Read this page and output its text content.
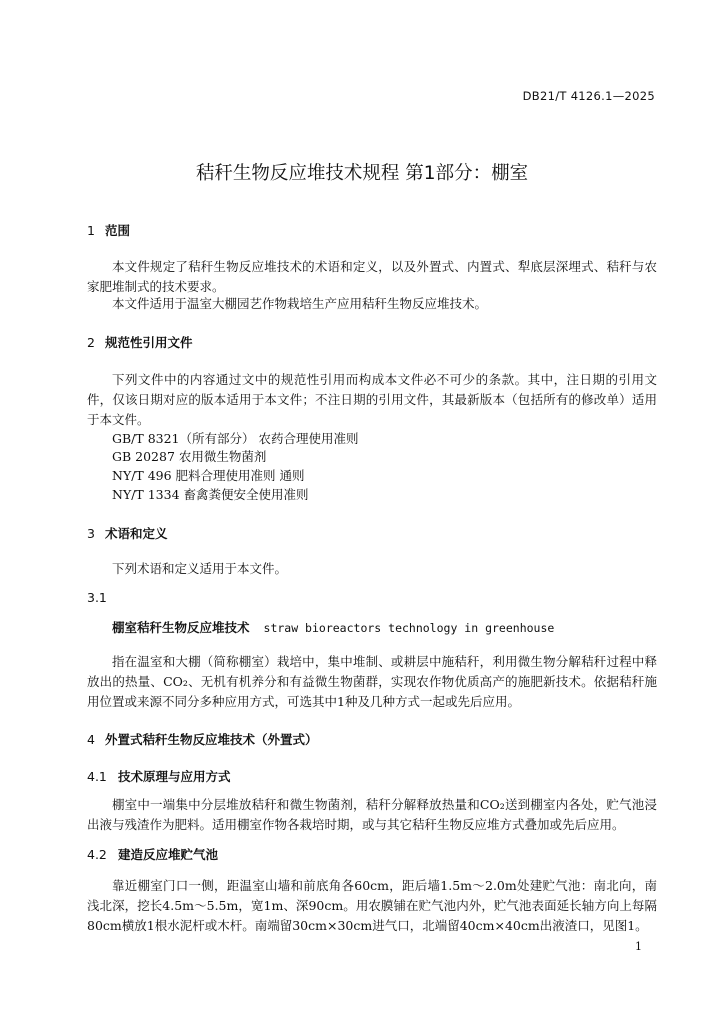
DB21/T 4126.1—2025
秸秆生物反应堆技术规程 第1部分：棚室
1 范围
本文件规定了秸秆生物反应堆技术的术语和定义，以及外置式、内置式、犁底层深埋式、秸秆与农家肥堆制式的技术要求。
本文件适用于温室大棚园艺作物栽培生产应用秸秆生物反应堆技术。
2 规范性引用文件
下列文件中的内容通过文中的规范性引用而构成本文件必不可少的条款。其中，注日期的引用文件，仅该日期对应的版本适用于本文件；不注日期的引用文件，其最新版本（包括所有的修改单）适用于本文件。
GB/T 8321（所有部分） 农药合理使用准则
GB 20287 农用微生物菌剂
NY/T 496 肥料合理使用准则 通则
NY/T 1334 畜禽粪便安全使用准则
3 术语和定义
下列术语和定义适用于本文件。
3.1
棚室秸秆生物反应堆技术 straw bioreactors technology in greenhouse
指在温室和大棚（简称棚室）栽培中，集中堆制、或耕层中施秸秆，利用微生物分解秸秆过程中释放出的热量、CO₂、无机有机养分和有益微生物菌群，实现农作物优质高产的施肥新技术。依据秸秆施用位置或来源不同分多种应用方式，可选其中1种及几种方式一起或先后应用。
4 外置式秸秆生物反应堆技术（外置式）
4.1 技术原理与应用方式
棚室中一端集中分层堆放秸秆和微生物菌剂，秸秆分解释放热量和CO₂送到棚室内各处，贮气池浸出液与残渣作为肥料。适用棚室作物各栽培时期，或与其它秸秆生物反应堆方式叠加或先后应用。
4.2 建造反应堆贮气池
靠近棚室门口一侧，距温室山墙和前底角各60cm，距后墙1.5m～2.0m处建贮气池：南北向，南浅北深，挖长4.5m～5.5m，宽1m、深90cm。用农膜铺在贮气池内外，贮气池表面延长轴方向上每隔80cm横放1根水泥杆或木杆。南端留30cm×30cm进气口，北端留40cm×40cm出液渣口，见图1。
1
